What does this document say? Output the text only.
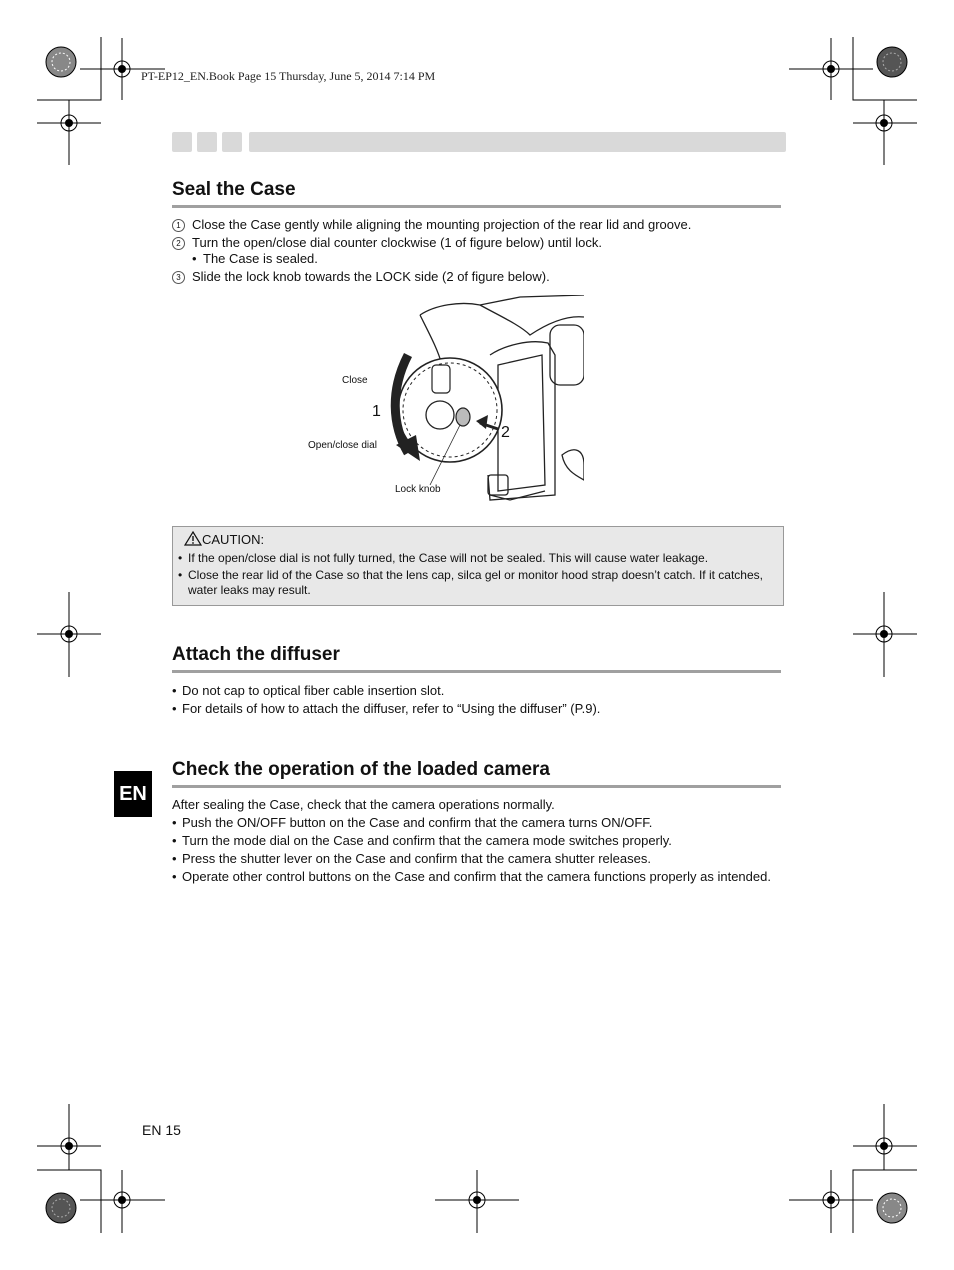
PT-EP12_EN.Book Page 15 Thursday, June 5, 2014 7:14 PM
Seal the Case
1 Close the Case gently while aligning the mounting projection of the rear lid and groove.
2 Turn the open/close dial counter clockwise (1 of figure below) until lock.
• The Case is sealed.
3 Slide the lock knob towards the LOCK side (2 of figure below).
Close
1
2
Open/close dial
Lock knob
CAUTION:
• If the open/close dial is not fully turned, the Case will not be sealed. This will cause water leakage.
• Close the rear lid of the Case so that the lens cap, silca gel or monitor hood strap doesn’t catch. If it catches,
water leaks may result.
Attach the diffuser
• Do not cap to optical fiber cable insertion slot.
• For details of how to attach the diffuser, refer to “Using the diffuser” (P.9).
EN
Check the operation of the loaded camera
After sealing the Case, check that the camera operations normally.
• Push the ON/OFF button on the Case and confirm that the camera turns ON/OFF.
• Turn the mode dial on the Case and confirm that the camera mode switches properly.
• Press the shutter lever on the Case and confirm that the camera shutter releases.
• Operate other control buttons on the Case and confirm that the camera functions properly as intended.
EN 15
